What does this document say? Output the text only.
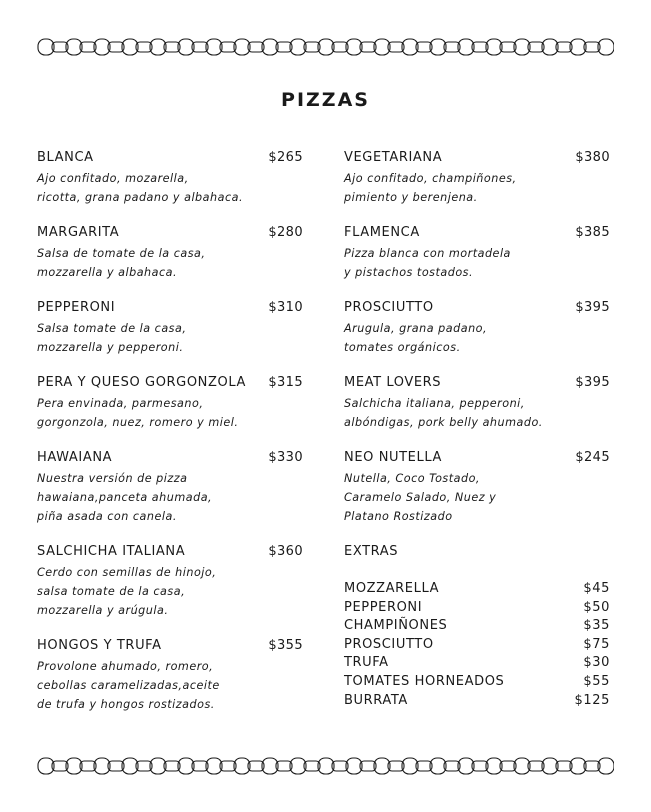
PIZZAS
BLANCA	$265
Ajo confitado, mozarella,
ricotta, grana padano y albahaca.
MARGARITA	$280
Salsa de tomate de la casa,
mozzarella y albahaca.
PEPPERONI	$310
Salsa tomate de la casa,
mozzarella y pepperoni.
PERA Y QUESO GORGONZOLA $315
Pera envinada, parmesano,
gorgonzola, nuez, romero y miel.
HAWAIANA	$330
Nuestra versión de pizza
hawaiana,panceta ahumada,
piña asada con canela.
SALCHICHA ITALIANA	$360
Cerdo con semillas de hinojo,
salsa tomate de la casa,
mozzarella y arúgula.
HONGOS Y TRUFA	$355
Provolone ahumado, romero,
cebollas caramelizadas,aceite
de trufa y hongos rostizados.
VEGETARIANA	$380
Ajo confitado, champiñones,
pimiento y berenjena.
FLAMENCA	$385
Pizza blanca con mortadela
y pistachos tostados.
PROSCIUTTO	$395
Arugula, grana padano,
tomates orgánicos.
MEAT LOVERS	$395
Salchicha italiana, pepperoni,
albóndigas, pork belly ahumado.
NEO NUTELLA	$245
Nutella, Coco Tostado,
Caramelo Salado, Nuez y
Platano Rostizado
EXTRAS
MOZZARELLA	$45
PEPPERONI	$50
CHAMPIÑONES	$35
PROSCIUTTO	$75
TRUFA	$30
TOMATES HORNEADOS	$55
BURRATA	$125
